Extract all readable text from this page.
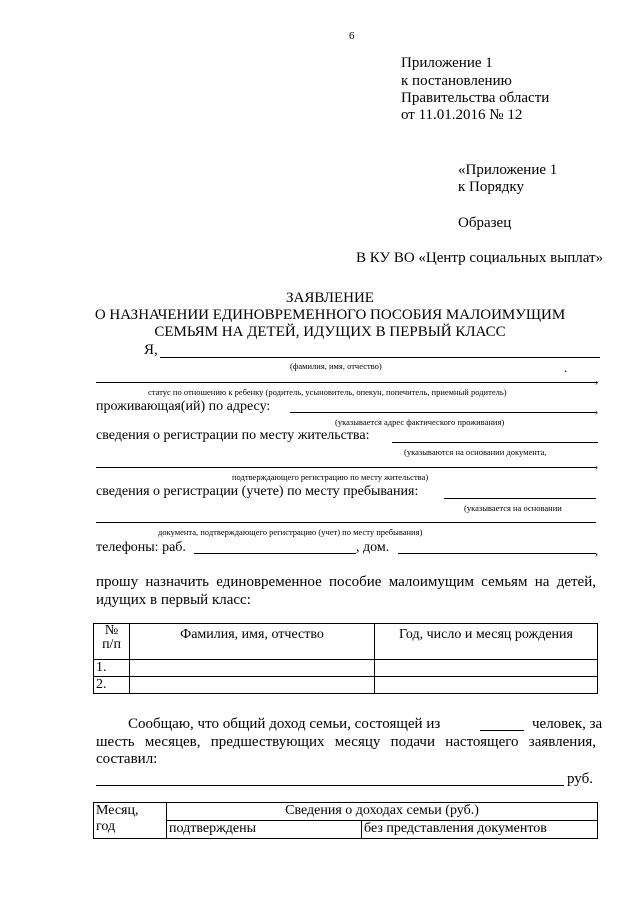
6
Приложение 1
к постановлению
Правительства области
от 11.01.2016 № 12
«Приложение 1
к Порядку
Образец
В КУ ВО «Центр социальных выплат»
ЗАЯВЛЕНИЕ
О НАЗНАЧЕНИИ ЕДИНОВРЕМЕННОГО ПОСОБИЯ МАЛОИМУЩИМ
СЕМЬЯМ НА ДЕТЕЙ, ИДУЩИХ В ПЕРВЫЙ КЛАСС
Я,
(фамилия, имя, отчество)	.
,
статус по отношению к ребенку (родитель, усыновитель, опекун, попечитель, приемный родитель)
проживающая(ий) по адресу:	,
(указывается адрес фактического проживания)
сведения о регистрации по месту жительства:
(указываются на основании документа,
,
подтверждающего регистрацию по месту жительства)
сведения о регистрации (учете) по месту пребывания:
(указывается на основании
документа, подтверждающего регистрацию (учет) по месту пребывания)
телефоны: раб.	, дом.	,
прошу назначить единовременное пособие малоимущим семьям на детей,
идущих в первый класс:
№
п/п	Фамилия, имя, отчество	Год, число и месяц рождения
1.		
2.		
Сообщаю, что общий доход семьи, состоящей из	человек, за
шесть месяцев, предшествующих месяцу подачи настоящего заявления,
составил:
руб.
Месяц,
год	Сведения о доходах семьи (руб.)	
	подтверждены	без представления документов
